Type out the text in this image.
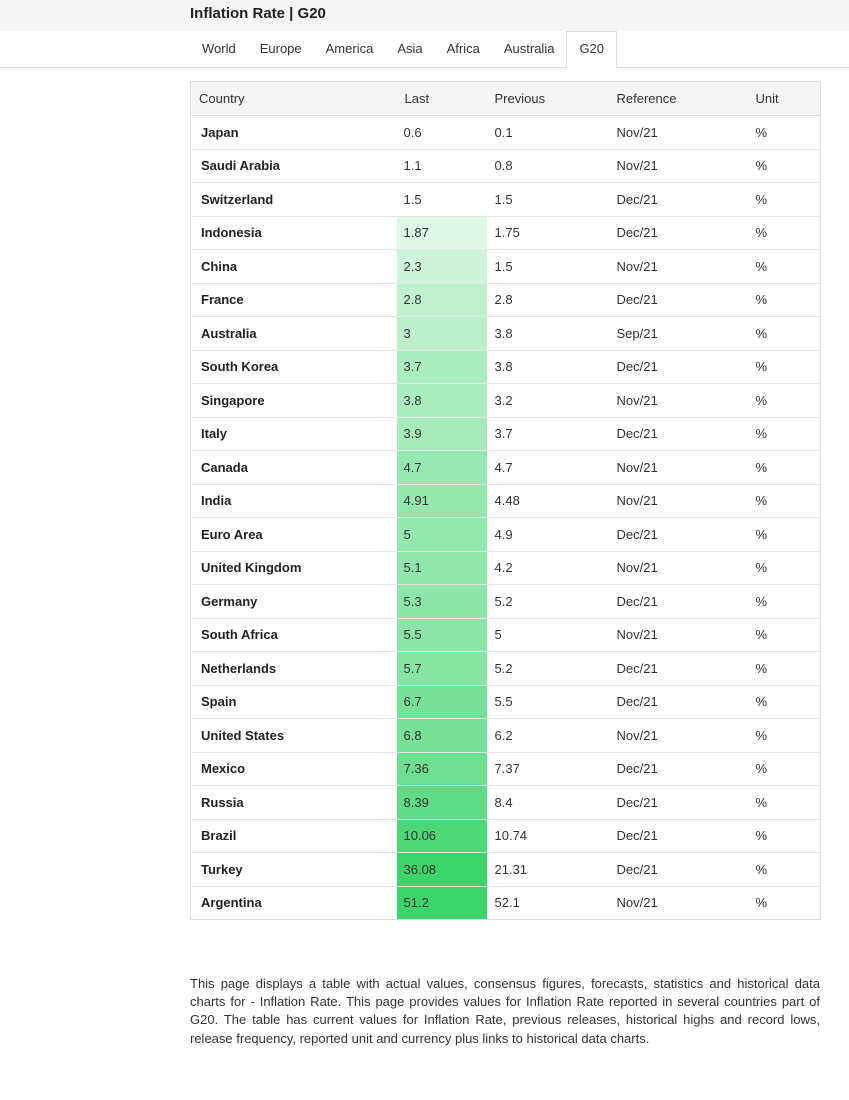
Inflation Rate | G20
World	Europe	America	Asia	Africa	Australia	G20
Country	Last	Previous	Reference	Unit
Japan	0.6	0.1	Nov/21	%
Saudi Arabia	1.1	0.8	Nov/21	%
Switzerland	1.5	1.5	Dec/21	%
Indonesia	1.87	1.75	Dec/21	%
China	2.3	1.5	Nov/21	%
France	2.8	2.8	Dec/21	%
Australia	3	3.8	Sep/21	%
South Korea	3.7	3.8	Dec/21	%
Singapore	3.8	3.2	Nov/21	%
Italy	3.9	3.7	Dec/21	%
Canada	4.7	4.7	Nov/21	%
India	4.91	4.48	Nov/21	%
Euro Area	5	4.9	Dec/21	%
United Kingdom	5.1	4.2	Nov/21	%
Germany	5.3	5.2	Dec/21	%
South Africa	5.5	5	Nov/21	%
Netherlands	5.7	5.2	Dec/21	%
Spain	6.7	5.5	Dec/21	%
United States	6.8	6.2	Nov/21	%
Mexico	7.36	7.37	Dec/21	%
Russia	8.39	8.4	Dec/21	%
Brazil	10.06	10.74	Dec/21	%
Turkey	36.08	21.31	Dec/21	%
Argentina	51.2	52.1	Nov/21	%
This page displays a table with actual values, consensus figures, forecasts, statistics and historical data charts for - Inflation Rate. This page provides values for Inflation Rate reported in several countries part of G20. The table has current values for Inflation Rate, previous releases, historical highs and record lows, release frequency, reported unit and currency plus links to historical data charts.
